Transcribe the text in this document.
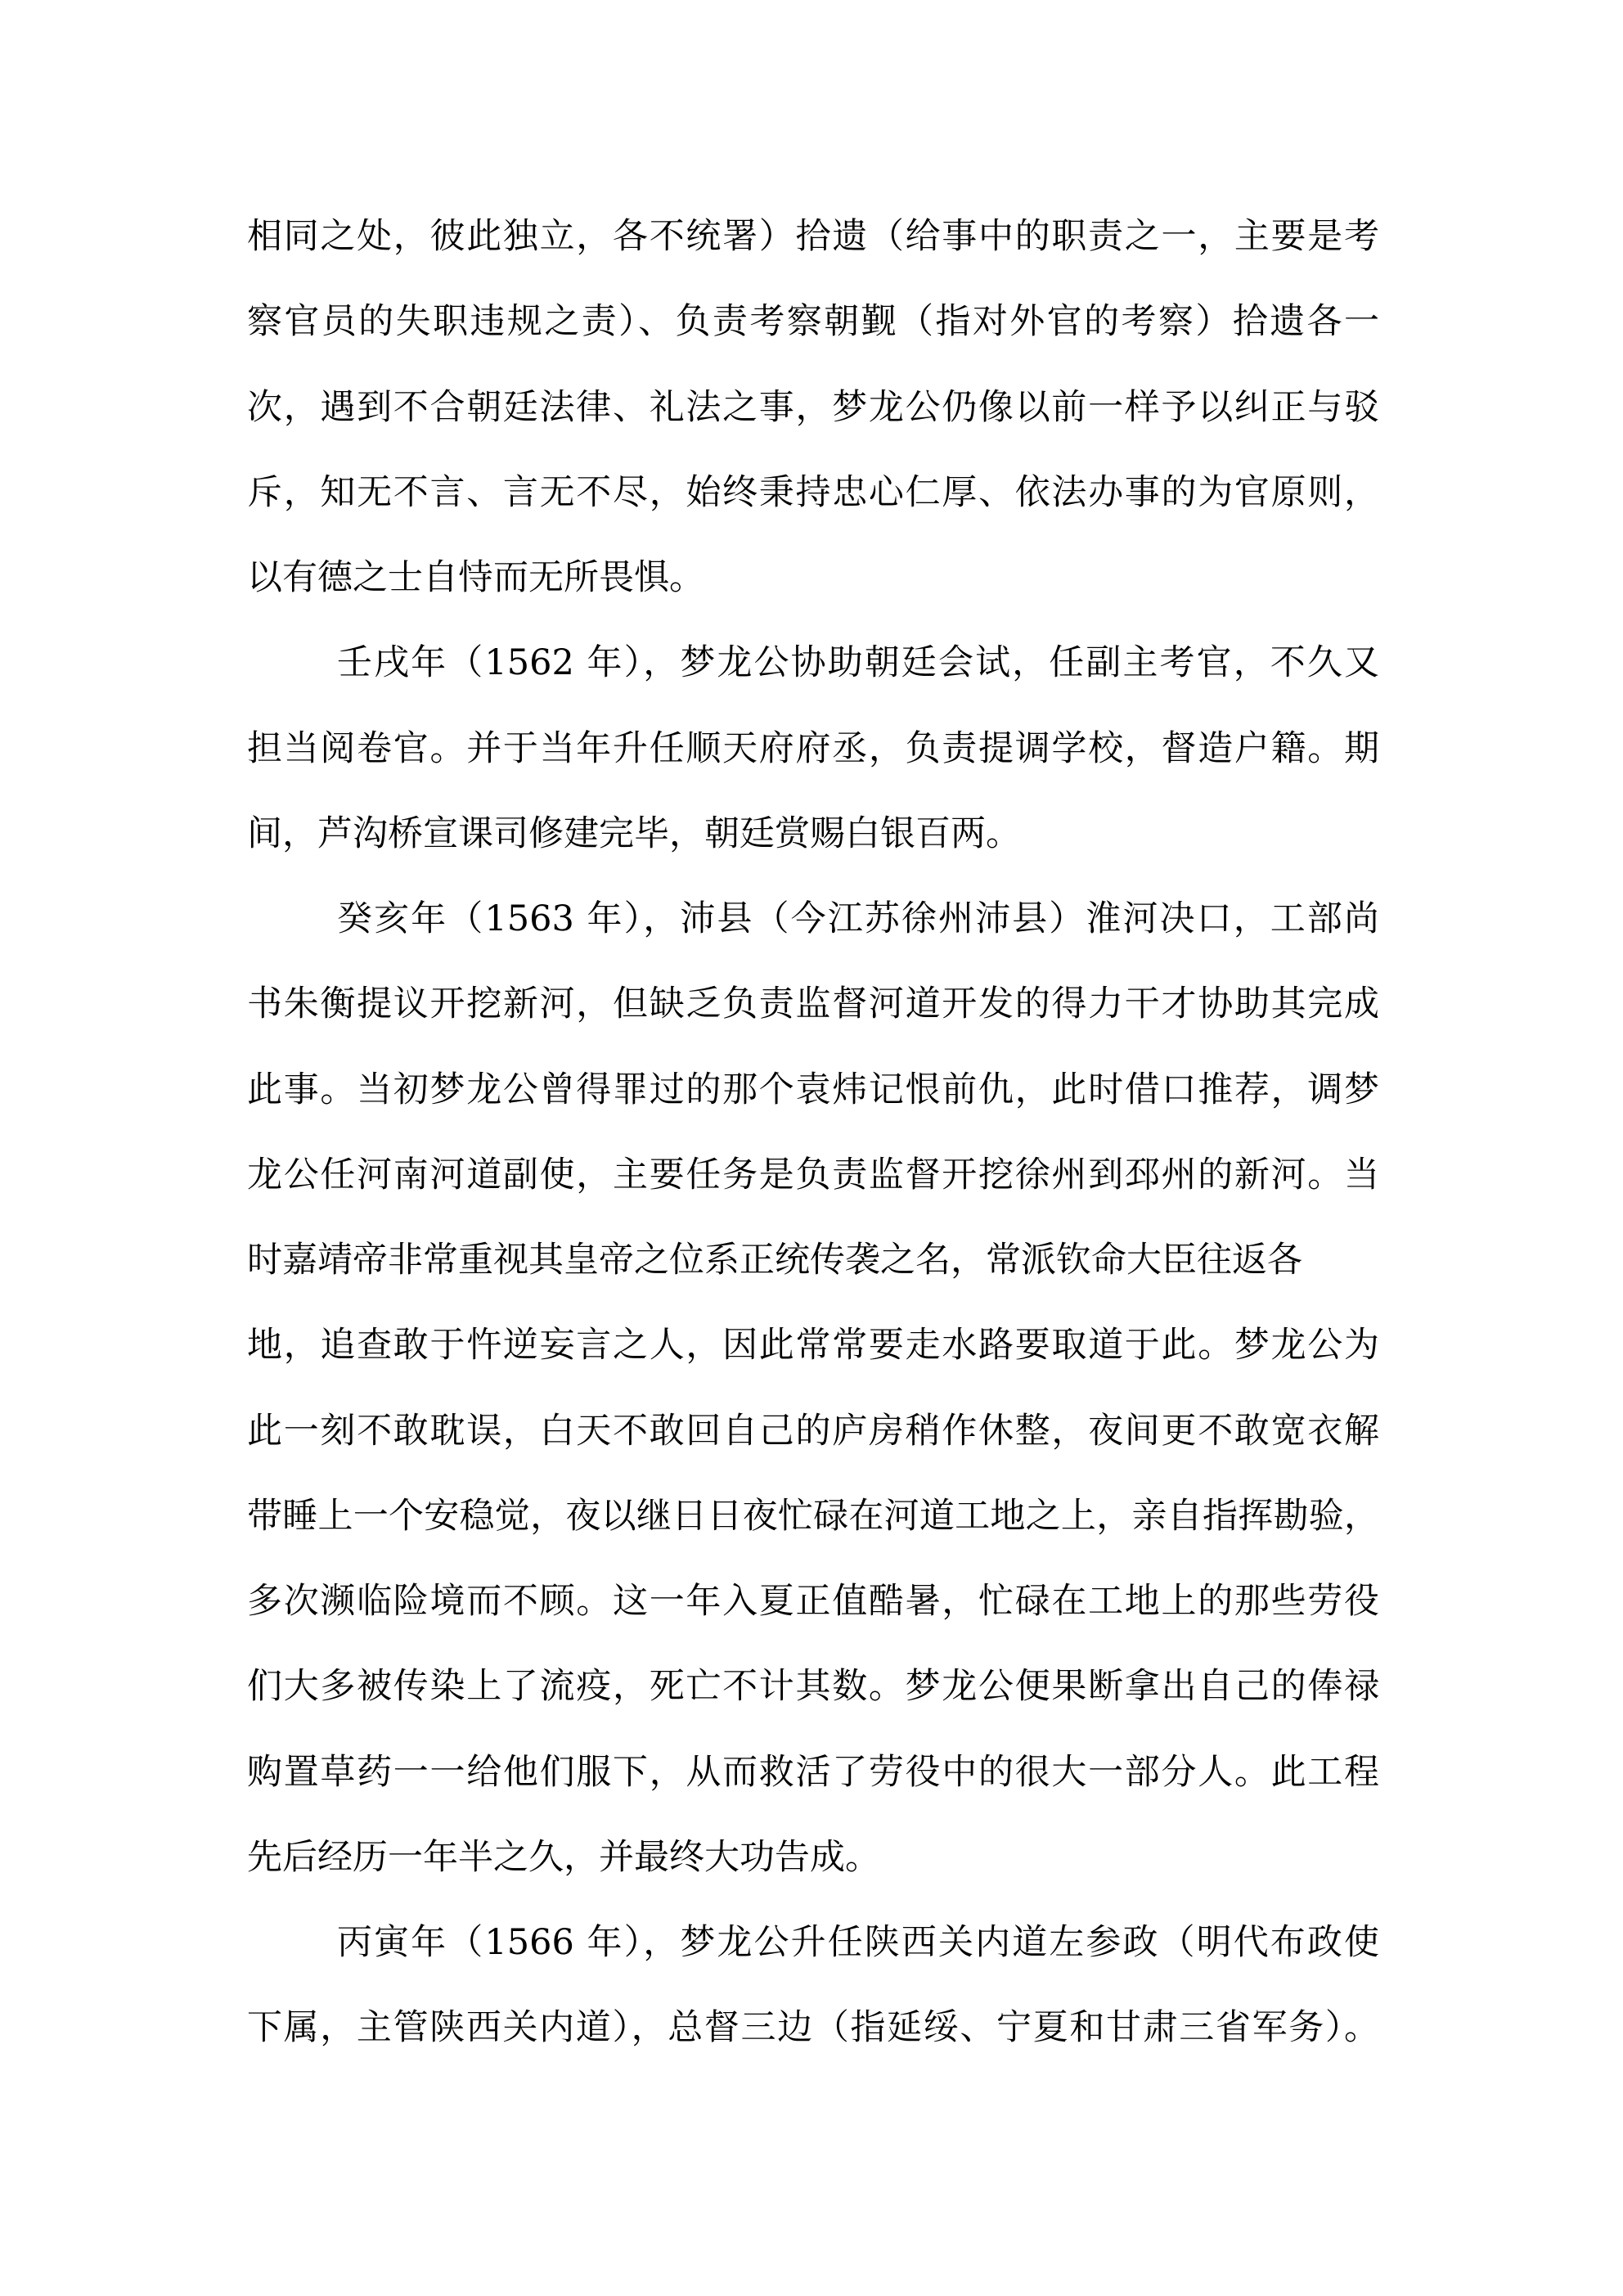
相同之处，彼此独立，各不统署）拾遗（给事中的职责之一，主要是考
察官员的失职违规之责）、负责考察朝觐（指对外官的考察）拾遗各一
次，遇到不合朝廷法律、礼法之事，梦龙公仍像以前一样予以纠正与驳
斥，知无不言、言无不尽，始终秉持忠心仁厚、依法办事的为官原则，
以有德之士自恃而无所畏惧。
壬戌年（1562 年），梦龙公协助朝廷会试，任副主考官，不久又
担当阅卷官。并于当年升任顺天府府丞，负责提调学校，督造户籍。期
间，芦沟桥宣课司修建完毕，朝廷赏赐白银百两。
癸亥年（1563 年），沛县（今江苏徐州沛县）淮河决口，工部尚
书朱衡提议开挖新河，但缺乏负责监督河道开发的得力干才协助其完成
此事。当初梦龙公曾得罪过的那个袁炜记恨前仇，此时借口推荐，调梦
龙公任河南河道副使，主要任务是负责监督开挖徐州到邳州的新河。当
时嘉靖帝非常重视其皇帝之位系正统传袭之名，常派钦命大臣往返各
地，追查敢于忤逆妄言之人，因此常常要走水路要取道于此。梦龙公为
此一刻不敢耽误，白天不敢回自己的庐房稍作休整，夜间更不敢宽衣解
带睡上一个安稳觉，夜以继日日夜忙碌在河道工地之上，亲自指挥勘验，
多次濒临险境而不顾。这一年入夏正值酷暑，忙碌在工地上的那些劳役
们大多被传染上了流疫，死亡不计其数。梦龙公便果断拿出自己的俸禄
购置草药一一给他们服下，从而救活了劳役中的很大一部分人。此工程
先后经历一年半之久，并最终大功告成。
丙寅年（1566 年），梦龙公升任陕西关内道左参政（明代布政使
下属，主管陕西关内道），总督三边（指延绥、宁夏和甘肃三省军务）。
